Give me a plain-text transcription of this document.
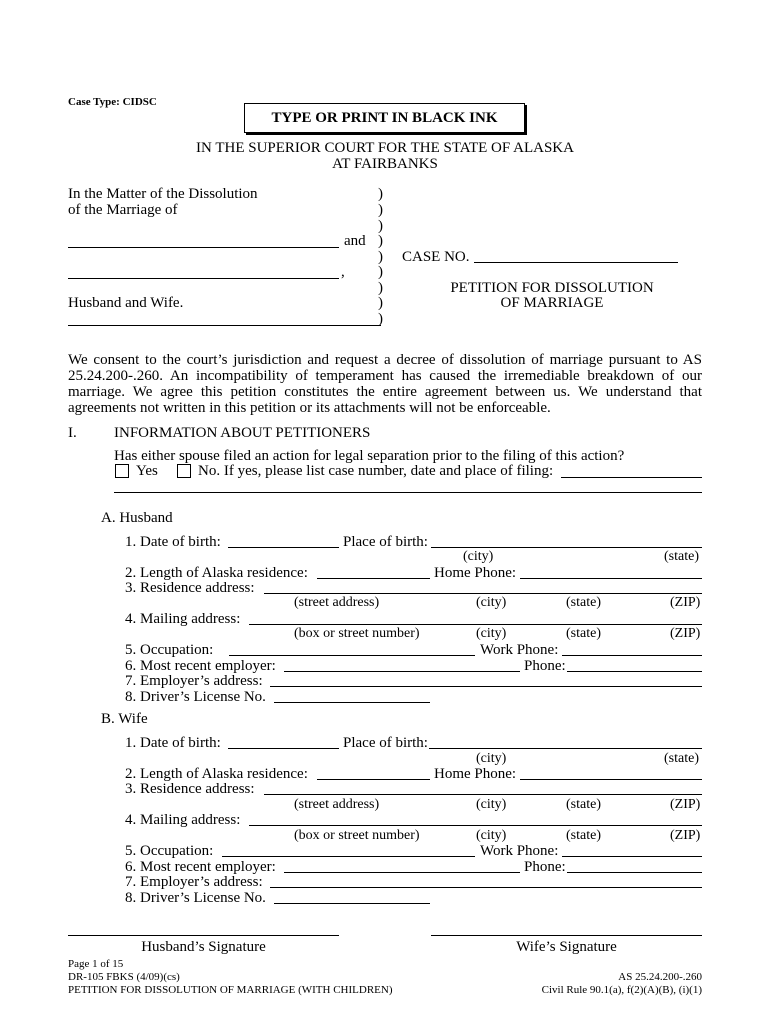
Case Type: CIDSC
TYPE OR PRINT IN BLACK INK
IN THE SUPERIOR COURT FOR THE STATE OF ALASKA
AT FAIRBANKS
In the Matter of the Dissolution
of the Marriage of
and
,
Husband and Wife.
)
)
)
)
)
)
)
)
)
CASE NO.
PETITION FOR DISSOLUTION
OF MARRIAGE
We consent to the court’s jurisdiction and request a decree of dissolution of marriage pursuant to AS 25.24.200-.260. An incompatibility of temperament has caused the irremediable breakdown of our marriage. We agree this petition constitutes the entire agreement between us. We understand that agreements not written in this petition or its attachments will not be enforceable.
I. INFORMATION ABOUT PETITIONERS
Has either spouse filed an action for legal separation prior to the filing of this action?
Yes	No. If yes, please list case number, date and place of filing:
A. Husband
1. Date of birth:	Place of birth:
(city)	(state)
2. Length of Alaska residence:	Home Phone:
3. Residence address:
(street address)	(city)	(state)	(ZIP)
4. Mailing address:
(box or street number)	(city)	(state)	(ZIP)
5. Occupation:	Work Phone:
6. Most recent employer:	Phone:
7. Employer’s address:
8. Driver’s License No.
B. Wife
1. Date of birth:	Place of birth:
(city)	(state)
2. Length of Alaska residence:	Home Phone:
3. Residence address:
(street address)	(city)	(state)	(ZIP)
4. Mailing address:
(box or street number)	(city)	(state)	(ZIP)
5. Occupation:	Work Phone:
6. Most recent employer:	Phone:
7. Employer’s address:
8. Driver’s License No.
Husband’s Signature	Wife’s Signature
Page 1 of 15
DR-105 FBKS (4/09)(cs)
PETITION FOR DISSOLUTION OF MARRIAGE (WITH CHILDREN)
AS 25.24.200-.260
Civil Rule 90.1(a), f(2)(A)(B), (i)(1)
